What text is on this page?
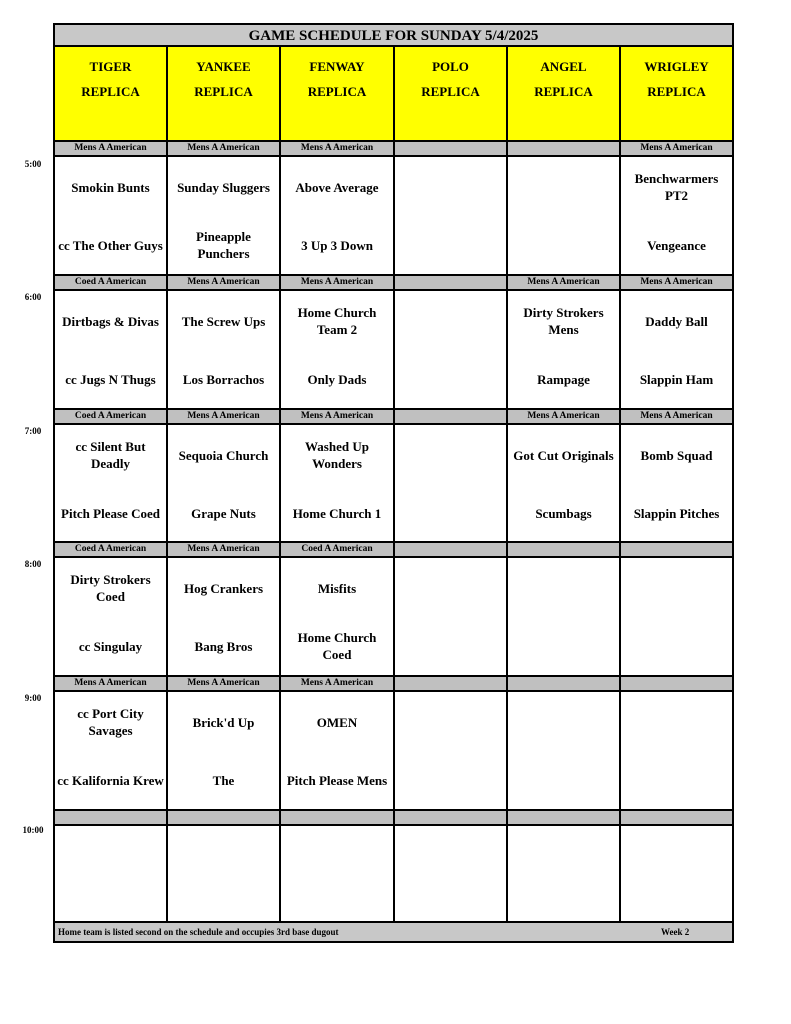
GAME SCHEDULE FOR SUNDAY 5/4/2025
Home team is listed second on the schedule and occupies 3rd base dugout	Week 2
TIGER
REPLICA
YANKEE
REPLICA
FENWAY
REPLICA
POLO
REPLICA
ANGEL
REPLICA
WRIGLEY
REPLICA
Mens A American
Smokin Bunts
cc The Other Guys
Mens A American
Sunday Sluggers
Pineapple Punchers
Mens A American
Above Average
3 Up 3 Down
Mens A American
Benchwarmers PT2
Vengeance
Coed A American
Dirtbags & Divas
cc Jugs N Thugs
Mens A American
The Screw Ups
Los Borrachos
Mens A American
Home Church Team 2
Only Dads
Mens A American
Dirty Strokers Mens
Rampage
Mens A American
Daddy Ball
Slappin Ham
Coed A American
cc Silent But Deadly
Pitch Please Coed
Mens A American
Sequoia Church
Grape Nuts
Mens A American
Washed Up Wonders
Home Church 1
Mens A American
Got Cut Originals
Scumbags
Mens A American
Bomb Squad
Slappin Pitches
Coed A American
Dirty Strokers Coed
cc Singulay
Mens A American
Hog Crankers
Bang Bros
Coed A American
Misfits
Home Church Coed
Mens A American
cc Port City Savages
cc Kalifornia Krew
Mens A American
Brick'd Up
The
Mens A American
OMEN
Pitch Please Mens
5:00
6:00
7:00
8:00
9:00
10:00
